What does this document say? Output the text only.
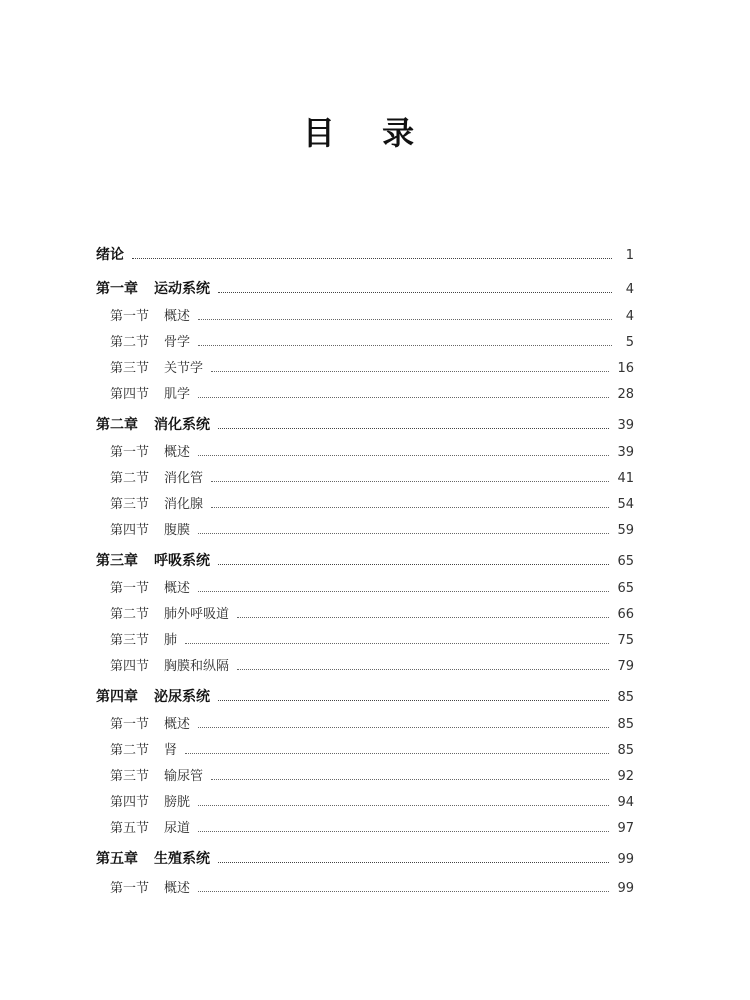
目 录
绪论	1
第一章	运动系统	4
第一节	概述	4
第二节	骨学	5
第三节	关节学	16
第四节	肌学	28
第二章	消化系统	39
第一节	概述	39
第二节	消化管	41
第三节	消化腺	54
第四节	腹膜	59
第三章	呼吸系统	65
第一节	概述	65
第二节	肺外呼吸道	66
第三节	肺	75
第四节	胸膜和纵隔	79
第四章	泌尿系统	85
第一节	概述	85
第二节	肾	85
第三节	输尿管	92
第四节	膀胱	94
第五节	尿道	97
第五章	生殖系统	99
第一节	概述	99
